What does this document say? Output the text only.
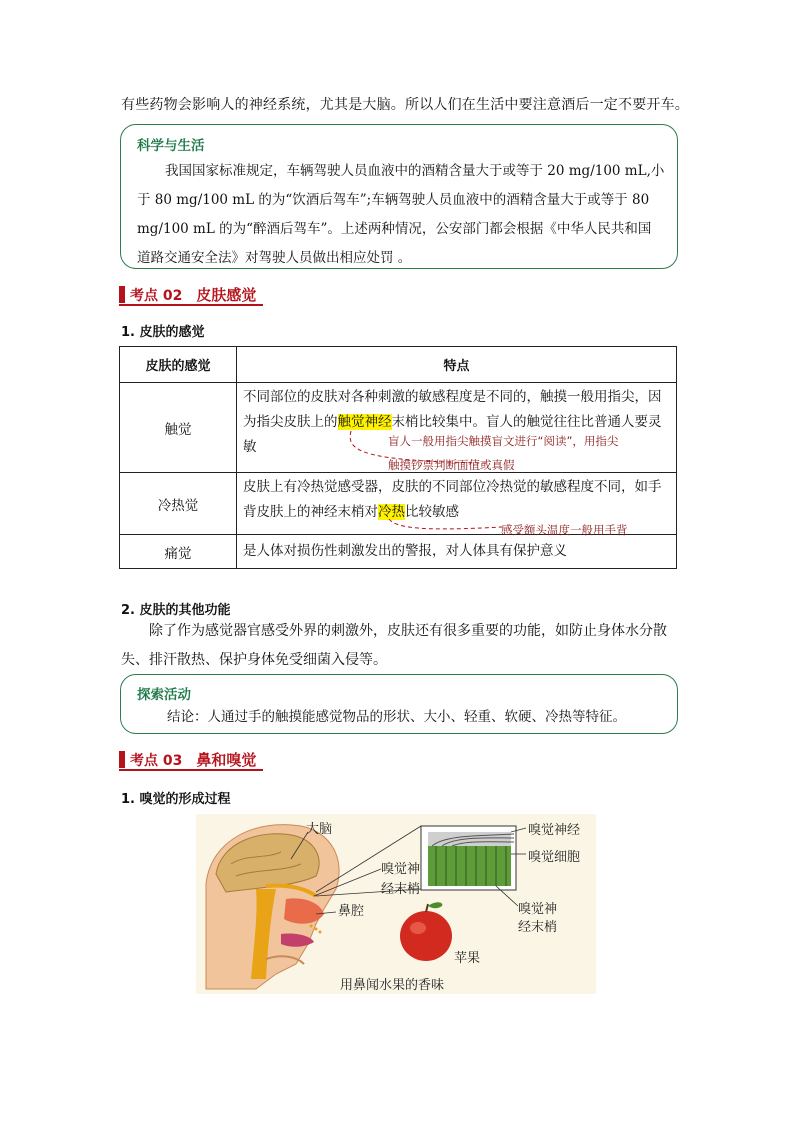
有些药物会影响人的神经系统，尤其是大脑。所以人们在生活中要注意酒后一定不要开车。
科学与生活
我国国家标准规定，车辆驾驶人员血液中的酒精含量大于或等于 20 mg/100 mL,小
于 80 mg/100 mL 的为“饮酒后驾车”;车辆驾驶人员血液中的酒精含量大于或等于 80
mg/100 mL 的为“醉酒后驾车”。上述两种情况，公安部门都会根据《中华人民共和国
道路交通安全法》对驾驶人员做出相应处罚 。
考点 02 皮肤感觉
1. 皮肤的感觉
皮肤的感觉	特点
触觉	不同部位的皮肤对各种刺激的敏感程度是不同的，触摸一般用指尖，因为指尖皮肤上的触觉神经末梢比较集中。盲人的触觉往往比普通人要灵敏 盲人一般用指尖触摸盲文进行“阅读”，用指尖
触摸钞票判断面值或真假

冷热觉	皮肤上有冷热觉感受器，皮肤的不同部位冷热觉的敏感程度不同，如手背皮肤上的神经末梢对冷热比较敏感
感受额头温度一般用手背

痛觉	是人体对损伤性刺激发出的警报，对人体具有保护意义
2. 皮肤的其他功能
除了作为感觉器官感受外界的刺激外，皮肤还有很多重要的功能，如防止身体水分散失、排汗散热、保护身体免受细菌入侵等。
探索活动
结论：人通过手的触摸能感觉物品的形状、大小、轻重、软硬、冷热等特征。
考点 03 鼻和嗅觉
1. 嗅觉的形成过程
大脑
嗅觉神
经末梢
鼻腔
嗅觉神经
嗅觉细胞
嗅觉神
经末梢
苹果
用鼻闻水果的香味
